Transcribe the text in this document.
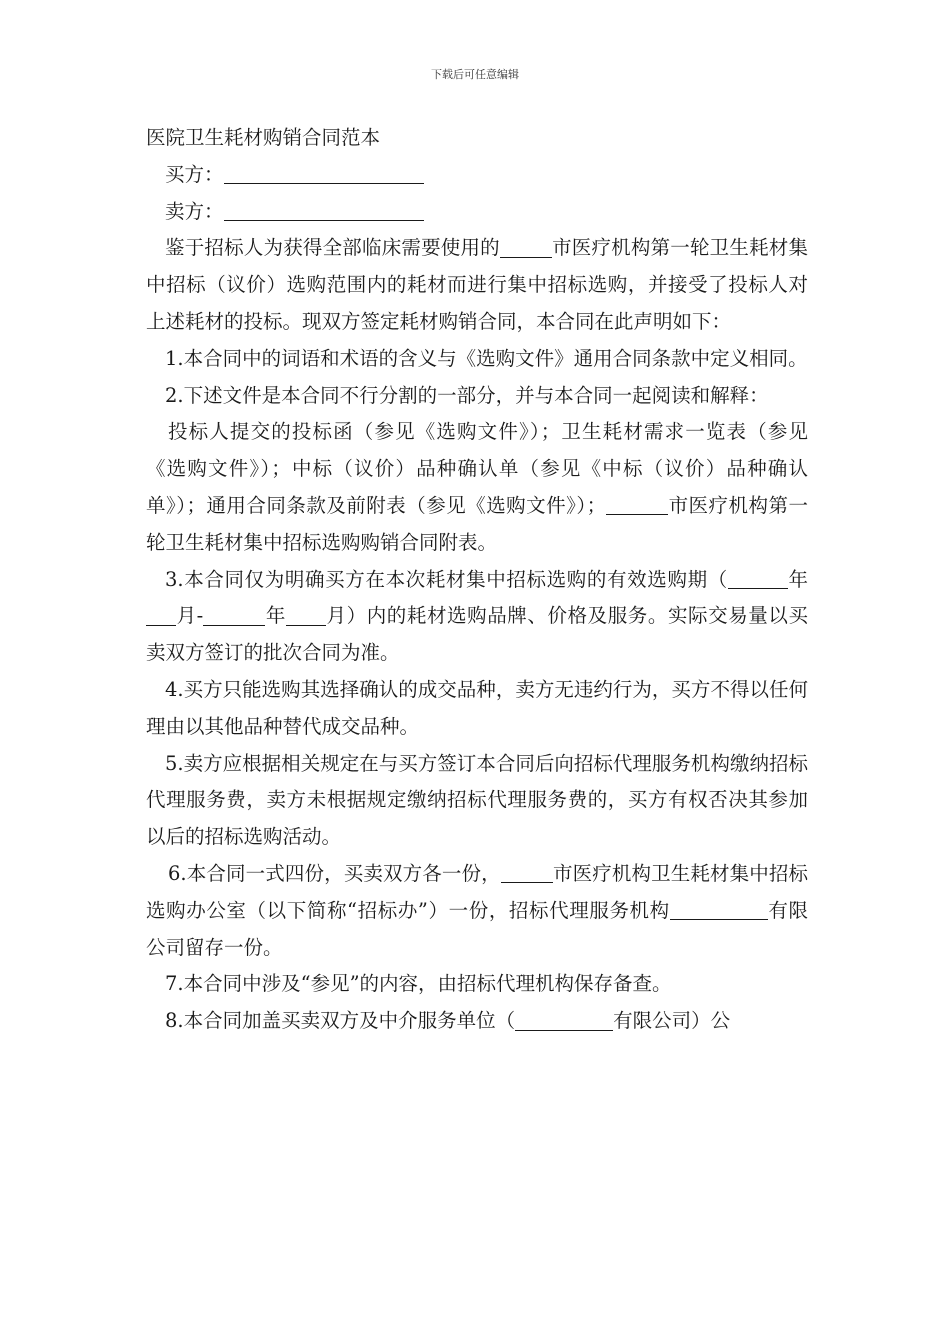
下载后可任意编辑

医院卫生耗材购销合同范本

买方：

卖方：

鉴于招标人为获得全部临床需要使用的	市医疗机构第一轮卫生耗材集中招标（议价）选购范围内的耗材而进行集中招标选购，并接受了投标人对上述耗材的投标。现双方签定耗材购销合同，本合同在此声明如下：

1.本合同中的词语和术语的含义与《选购文件》通用合同条款中定义相同。

2.下述文件是本合同不行分割的一部分，并与本合同一起阅读和解释：

投标人提交的投标函（参见《选购文件》）；卫生耗材需求一览表（参见《选购文件》）；中标（议价）品种确认单（参见《中标（议价）品种确认单》）；通用合同条款及前附表（参见《选购文件》）；	市医疗机构第一轮卫生耗材集中招标选购购销合同附表。

3.本合同仅为明确买方在本次耗材集中招标选购的有效选购期（	年月-	年 月）内的耗材选购品牌、价格及服务。实际交易量以买卖双方签订的批次合同为准。

4.买方只能选购其选择确认的成交品种，卖方无违约行为，买方不得以任何理由以其他品种替代成交品种。

5.卖方应根据相关规定在与买方签订本合同后向招标代理服务机构缴纳招标代理服务费，卖方未根据规定缴纳招标代理服务费的，买方有权否决其参加以后的招标选购活动。

6.本合同一式四份，买卖双方各一份，	市医疗机构卫生耗材集中招标选购办公室（以下简称“招标办”）一份，招标代理服务机构	有限公司留存一份。

7.本合同中涉及“参见”的内容，由招标代理机构保存备查。

8.本合同加盖买卖双方及中介服务单位（	有限公司）公
